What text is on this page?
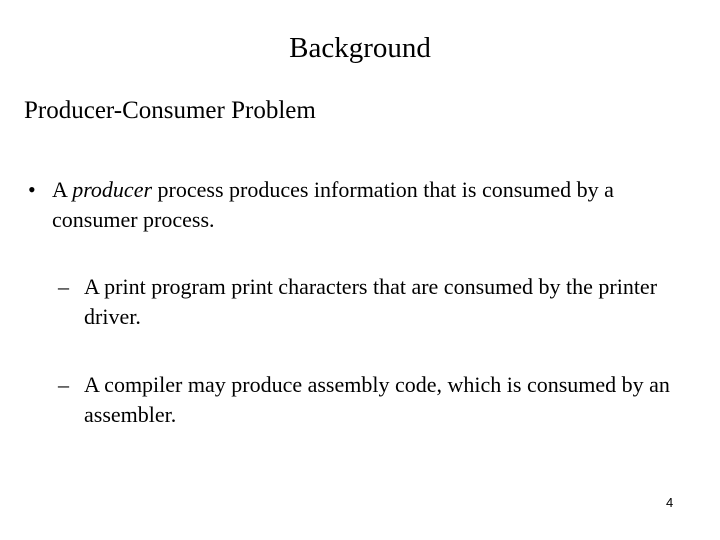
Background
Producer-Consumer Problem
• A producer process produces information that is consumed by a consumer process.
– A print program print characters that are consumed by the printer driver.
– A compiler may produce assembly code, which is consumed by an assembler.
4
